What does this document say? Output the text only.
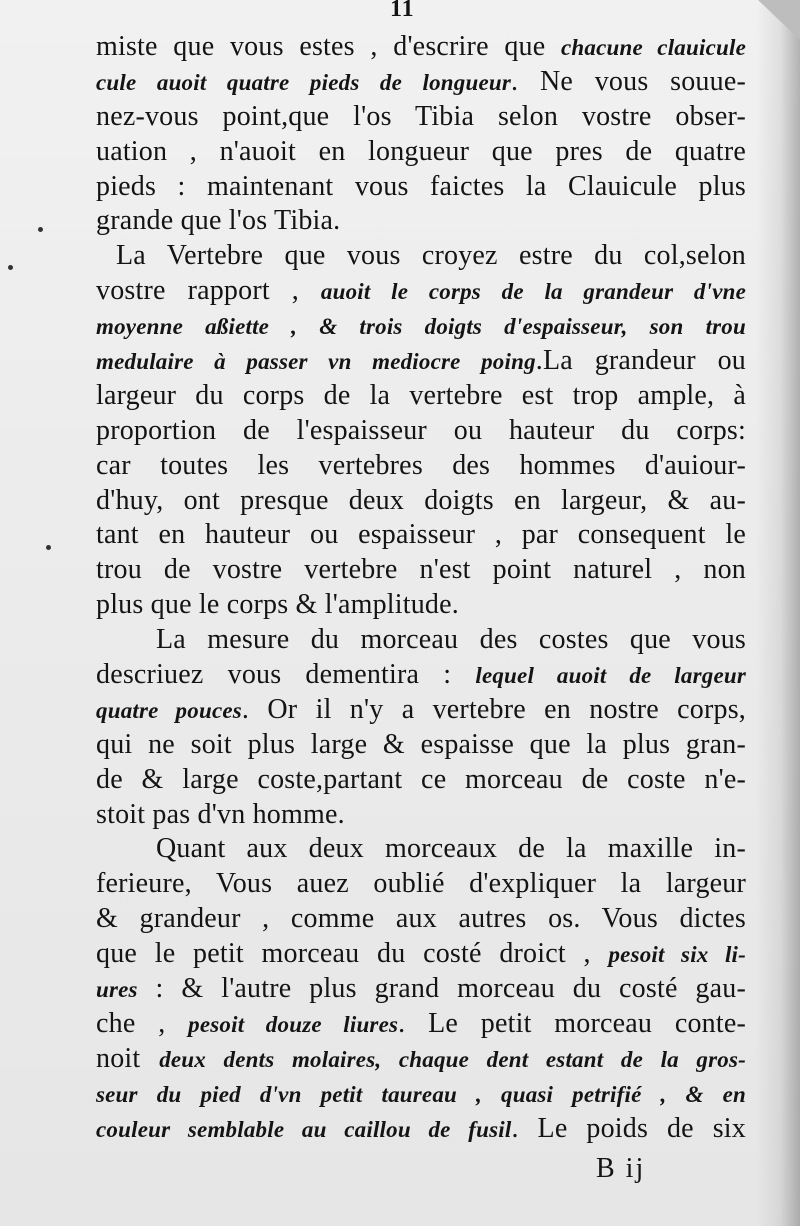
11
miste que vous estes , d'escrire que chacune clauicule
cule auoit quatre pieds de longueur. Ne vous souue-
nez-vous point,que l'os Tibia selon vostre obser-
uation , n'auoit en longueur que pres de quatre
pieds : maintenant vous faictes la Clauicule plus
grande que l'os Tibia.
La Vertebre que vous croyez estre du col,selon
vostre rapport , auoit le corps de la grandeur d'vne
moyenne aßiette , & trois doigts d'espaisseur, son trou
medulaire à passer vn mediocre poing.La grandeur ou
largeur du corps de la vertebre est trop ample, à
proportion de l'espaisseur ou hauteur du corps:
car toutes les vertebres des hommes d'auiour-
d'huy, ont presque deux doigts en largeur, & au-
tant en hauteur ou espaisseur , par consequent le
trou de vostre vertebre n'est point naturel , non
plus que le corps & l'amplitude.
La mesure du morceau des costes que vous
descriuez vous dementira : lequel auoit de largeur
quatre pouces. Or il n'y a vertebre en nostre corps,
qui ne soit plus large & espaisse que la plus gran-
de & large coste,partant ce morceau de coste n'e-
stoit pas d'vn homme.
Quant aux deux morceaux de la maxille in-
ferieure, Vous auez oublié d'expliquer la largeur
& grandeur , comme aux autres os. Vous dictes
que le petit morceau du costé droict , pesoit six li-
ures : & l'autre plus grand morceau du costé gau-
che , pesoit douze liures. Le petit morceau conte-
noit deux dents molaires, chaque dent estant de la gros-
seur du pied d'vn petit taureau , quasi petrifié , & en
couleur semblable au caillou de fusil. Le poids de six
B ij
